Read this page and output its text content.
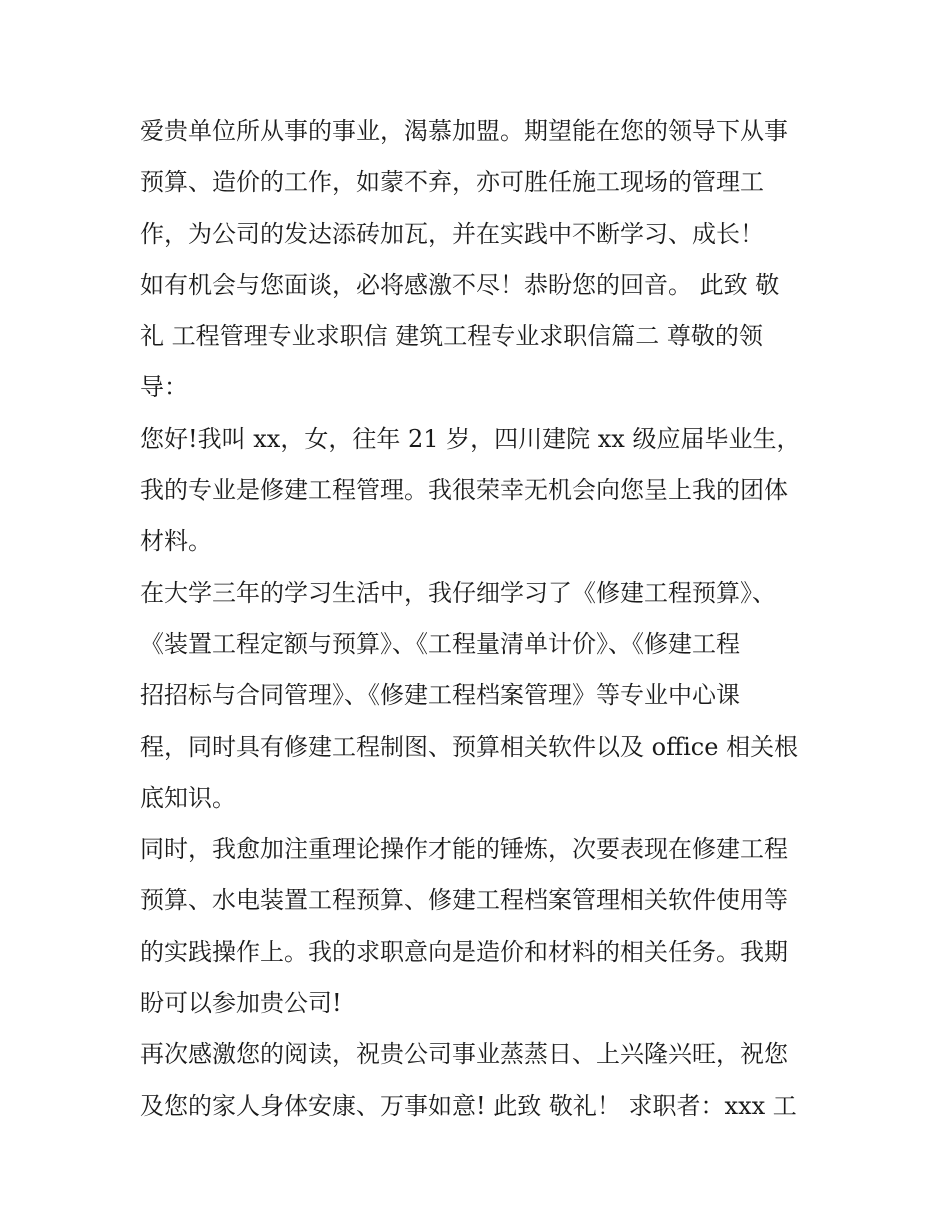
爱贵单位所从事的事业，渴慕加盟。期望能在您的领导下从事
预算、造价的工作，如蒙不弃，亦可胜任施工现场的管理工
作，为公司的发达添砖加瓦，并在实践中不断学习、成长！
如有机会与您面谈，必将感激不尽！恭盼您的回音。 此致 敬
礼 工程管理专业求职信 建筑工程专业求职信篇二 尊敬的领
导：
您好!我叫 xx，女，往年 21 岁，四川建院 xx 级应届毕业生，
我的专业是修建工程管理。我很荣幸无机会向您呈上我的团体
材料。
在大学三年的学习生活中，我仔细学习了《修建工程预算》、
《装置工程定额与预算》、《工程量清单计价》、《修建工程
招招标与合同管理》、《修建工程档案管理》等专业中心课
程，同时具有修建工程制图、预算相关软件以及 office 相关根
底知识。
同时，我愈加注重理论操作才能的锤炼，次要表现在修建工程
预算、水电装置工程预算、修建工程档案管理相关软件使用等
的实践操作上。我的求职意向是造价和材料的相关任务。我期
盼可以参加贵公司!
再次感激您的阅读，祝贵公司事业蒸蒸日、上兴隆兴旺，祝您
及您的家人身体安康、万事如意! 此致 敬礼！ 求职者：xxx 工
